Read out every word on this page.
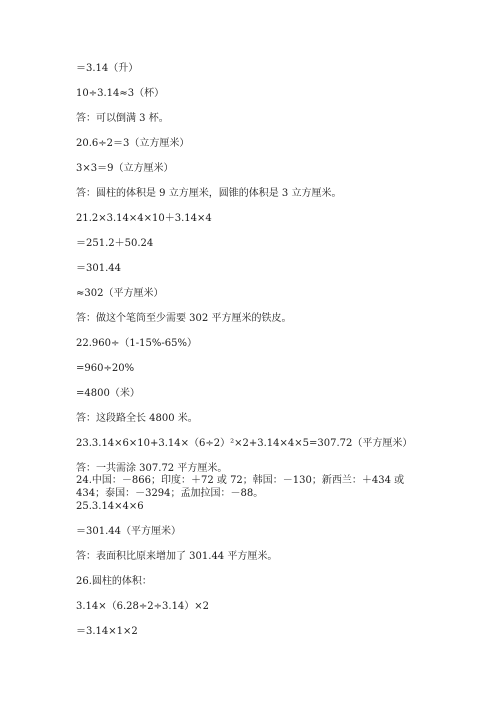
＝3.14（升）
10÷3.14≈3（杯）
答：可以倒满 3 杯。
20.6÷2＝3（立方厘米）
3×3＝9（立方厘米）
答：圆柱的体积是 9 立方厘米，圆锥的体积是 3 立方厘米。
21.2×3.14×4×10＋3.14×4
＝251.2＋50.24
＝301.44
≈302（平方厘米）
答：做这个笔筒至少需要 302 平方厘米的铁皮。
22.960÷（1-15%-65%）
=960÷20%
=4800（米）
答：这段路全长 4800 米。
23.3.14×6×10+3.14×（6÷2）²×2+3.14×4×5=307.72（平方厘米）
答：一共需涂 307.72 平方厘米。
24.中国：－866；印度：＋72 或 72；韩国：－130；新西兰：＋434 或 434；泰国：－3294；孟加拉国：－88。
25.3.14×4×6
＝301.44（平方厘米）
答：表面积比原来增加了 301.44 平方厘米。
26.圆柱的体积：
3.14×（6.28÷2÷3.14）×2
＝3.14×1×2
